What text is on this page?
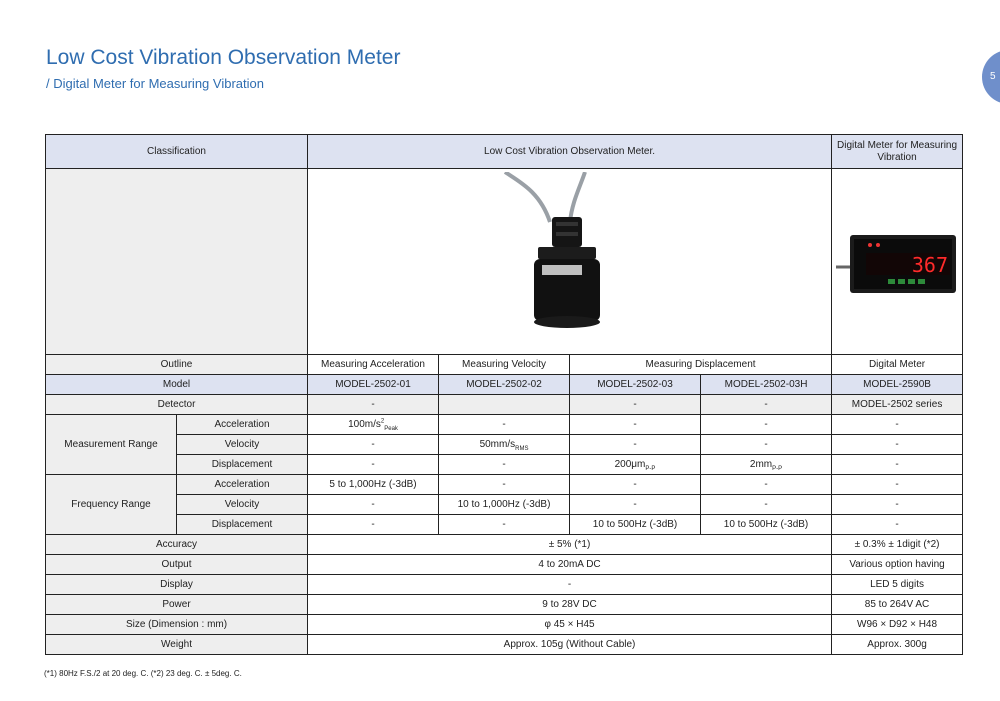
Low Cost Vibration Observation Meter
/ Digital Meter for Measuring Vibration	5
Classification		Low Cost Vibration Observation Meter.				Digital Meter for Measuring Vibration

367

Outline		Measuring Acceleration	Measuring Velocity	Measuring Displacement		Digital Meter
Model		MODEL-2502-01	MODEL-2502-02	MODEL-2502-03	MODEL-2502-03H	MODEL-2590B
Detector		-		-	-	MODEL-2502 series
Measurement Range	Acceleration	$100m/s^2_{Peak}$	-	-	-	-
	Velocity	-	$50mm/s_{RMS}$	-	-	-
	Displacement	-	-	$200\mu m_{P-P}$	$2mm_{P-P}$	-
Frequency Range	Acceleration	5 to 1,000Hz (-3dB)	-	-	-	-
	Velocity	-	10 to 1,000Hz (-3dB)	-	-	-
	Displacement	-	-	10 to 500Hz (-3dB)	10 to 500Hz (-3dB)	-
Accuracy		± 5% (*1)				± 0.3% ± 1digit (*2)
Output		4 to 20mA DC				Various option having
Display		-				LED 5 digits
Power		9 to 28V DC				85 to 264V AC
Size (Dimension : mm)		φ 45 × H45				W96 × D92 × H48
Weight		Approx. 105g (Without Cable)				Approx. 300g
(*1) 80Hz F.S./2 at 20 deg. C. (*2) 23 deg. C. ± 5deg. C.
